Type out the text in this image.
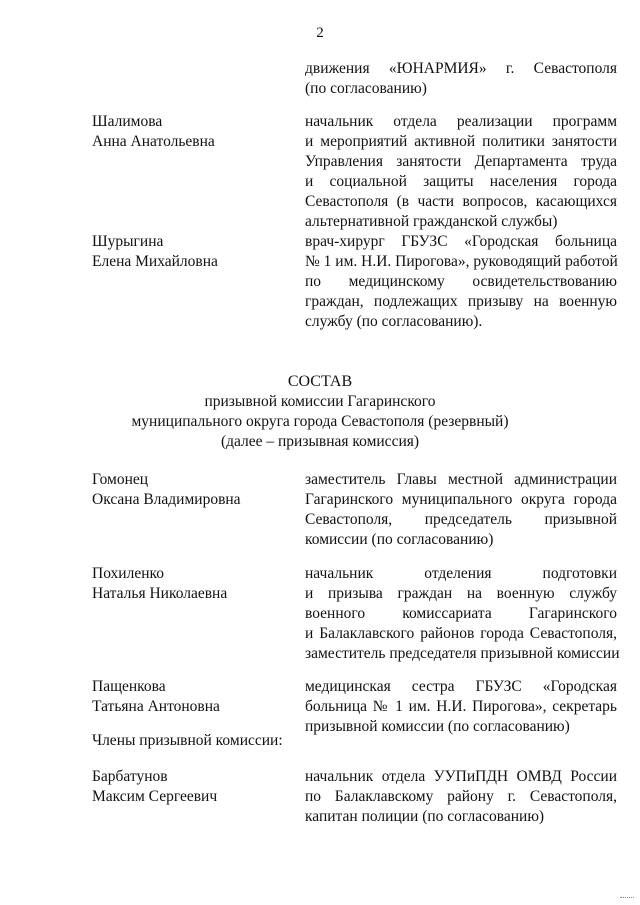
2
движения «ЮНАРМИЯ» г. Севастополя
(по согласованию)
Шалимова
Анна Анатольевна
начальник отдела реализации программ
и мероприятий активной политики занятости
Управления занятости Департамента труда
и социальной защиты населения города
Севастополя (в части вопросов, касающихся
альтернативной гражданской службы)
Шурыгина
Елена Михайловна
врач-хирург ГБУЗС «Городская больница
№ 1 им. Н.И. Пирогова», руководящий работой
по медицинскому освидетельствованию
граждан, подлежащих призыву на военную
службу (по согласованию).
СОСТАВ
призывной комиссии Гагаринского
муниципального округа города Севастополя (резервный)
(далее – призывная комиссия)
Гомонец
Оксана Владимировна
заместитель Главы местной администрации
Гагаринского муниципального округа города
Севастополя, председатель призывной
комиссии (по согласованию)
Похиленко
Наталья Николаевна
начальник отделения подготовки
и призыва граждан на военную службу
военного комиссариата Гагаринского
и Балаклавского районов города Севастополя,
заместитель председателя призывной комиссии
Пащенкова
Татьяна Антоновна
медицинская сестра ГБУЗС «Городская
больница № 1 им. Н.И. Пирогова», секретарь
призывной комиссии (по согласованию)
Члены призывной комиссии:
Барбатунов
Максим Сергеевич
начальник отдела УУПиПДН ОМВД России
по Балаклавскому району г. Севастополя,
капитан полиции (по согласованию)
